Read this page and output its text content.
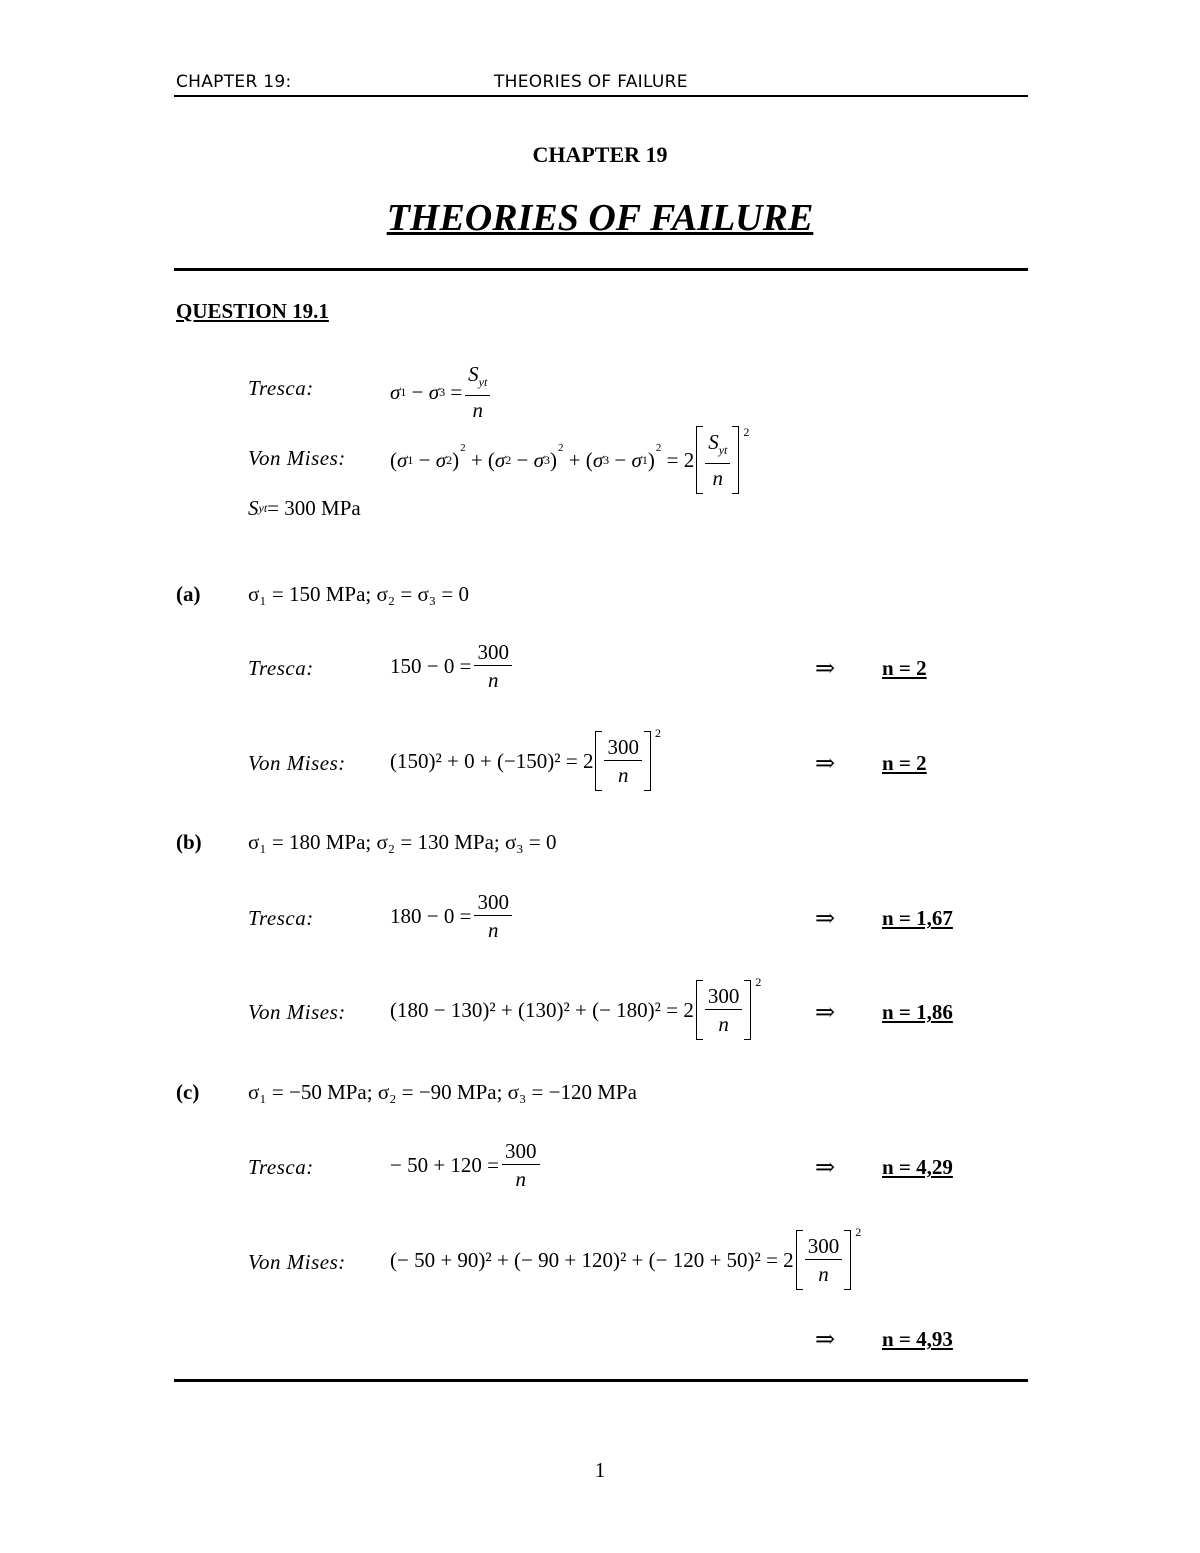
CHAPTER 19:	THEORIES OF FAILURE
CHAPTER 19
THEORIES OF FAILURE
QUESTION 19.1
Tresca:	σ 1 − σ $3 = \frac{S_{yt}}{n}$
Von Mises: ( σ 1 − σ 2 ) 2 + ( σ 2 − σ 3 ) 2 + ( σ 3 − σ 1 ) $2 = 2 \frac{S_{yt}}{n} 2$
S yt = 300 MPa
(a) σ₁ = 150 MPa; σ₂ = σ₃ = 0
Tresca:	$150 - 0 = \frac{300}{n}$	⇒ n = 2
Von Mises: $(150)^2 + 0 + (-150)^2 = 2 \frac{300}{n}$
2
⇒ n = 2
(b) σ₁ = 180 MPa; σ₂ = 130 MPa; σ₃ = 0
Tresca:	$180 - 0 = \frac{300}{n}$	⇒ n = 1,67
Von Mises: (180 − 130)² + (130)² + (− $180)^2 = 2 \frac{300}{n}$
2
⇒ n = 1,86
(c) σ₁ = −50 MPa; σ₂ = −90 MPa; σ₃ = −120 MPa
Tresca:	− $50 + 120 = \frac{300}{n}$	⇒ n = 4,29
Von Mises: (− 50 + 90)² + (− 90 + 120)² + (− $120 + 50)^2 = 2 \frac{300}{n}$
2
⇒ n = 4,93
1
